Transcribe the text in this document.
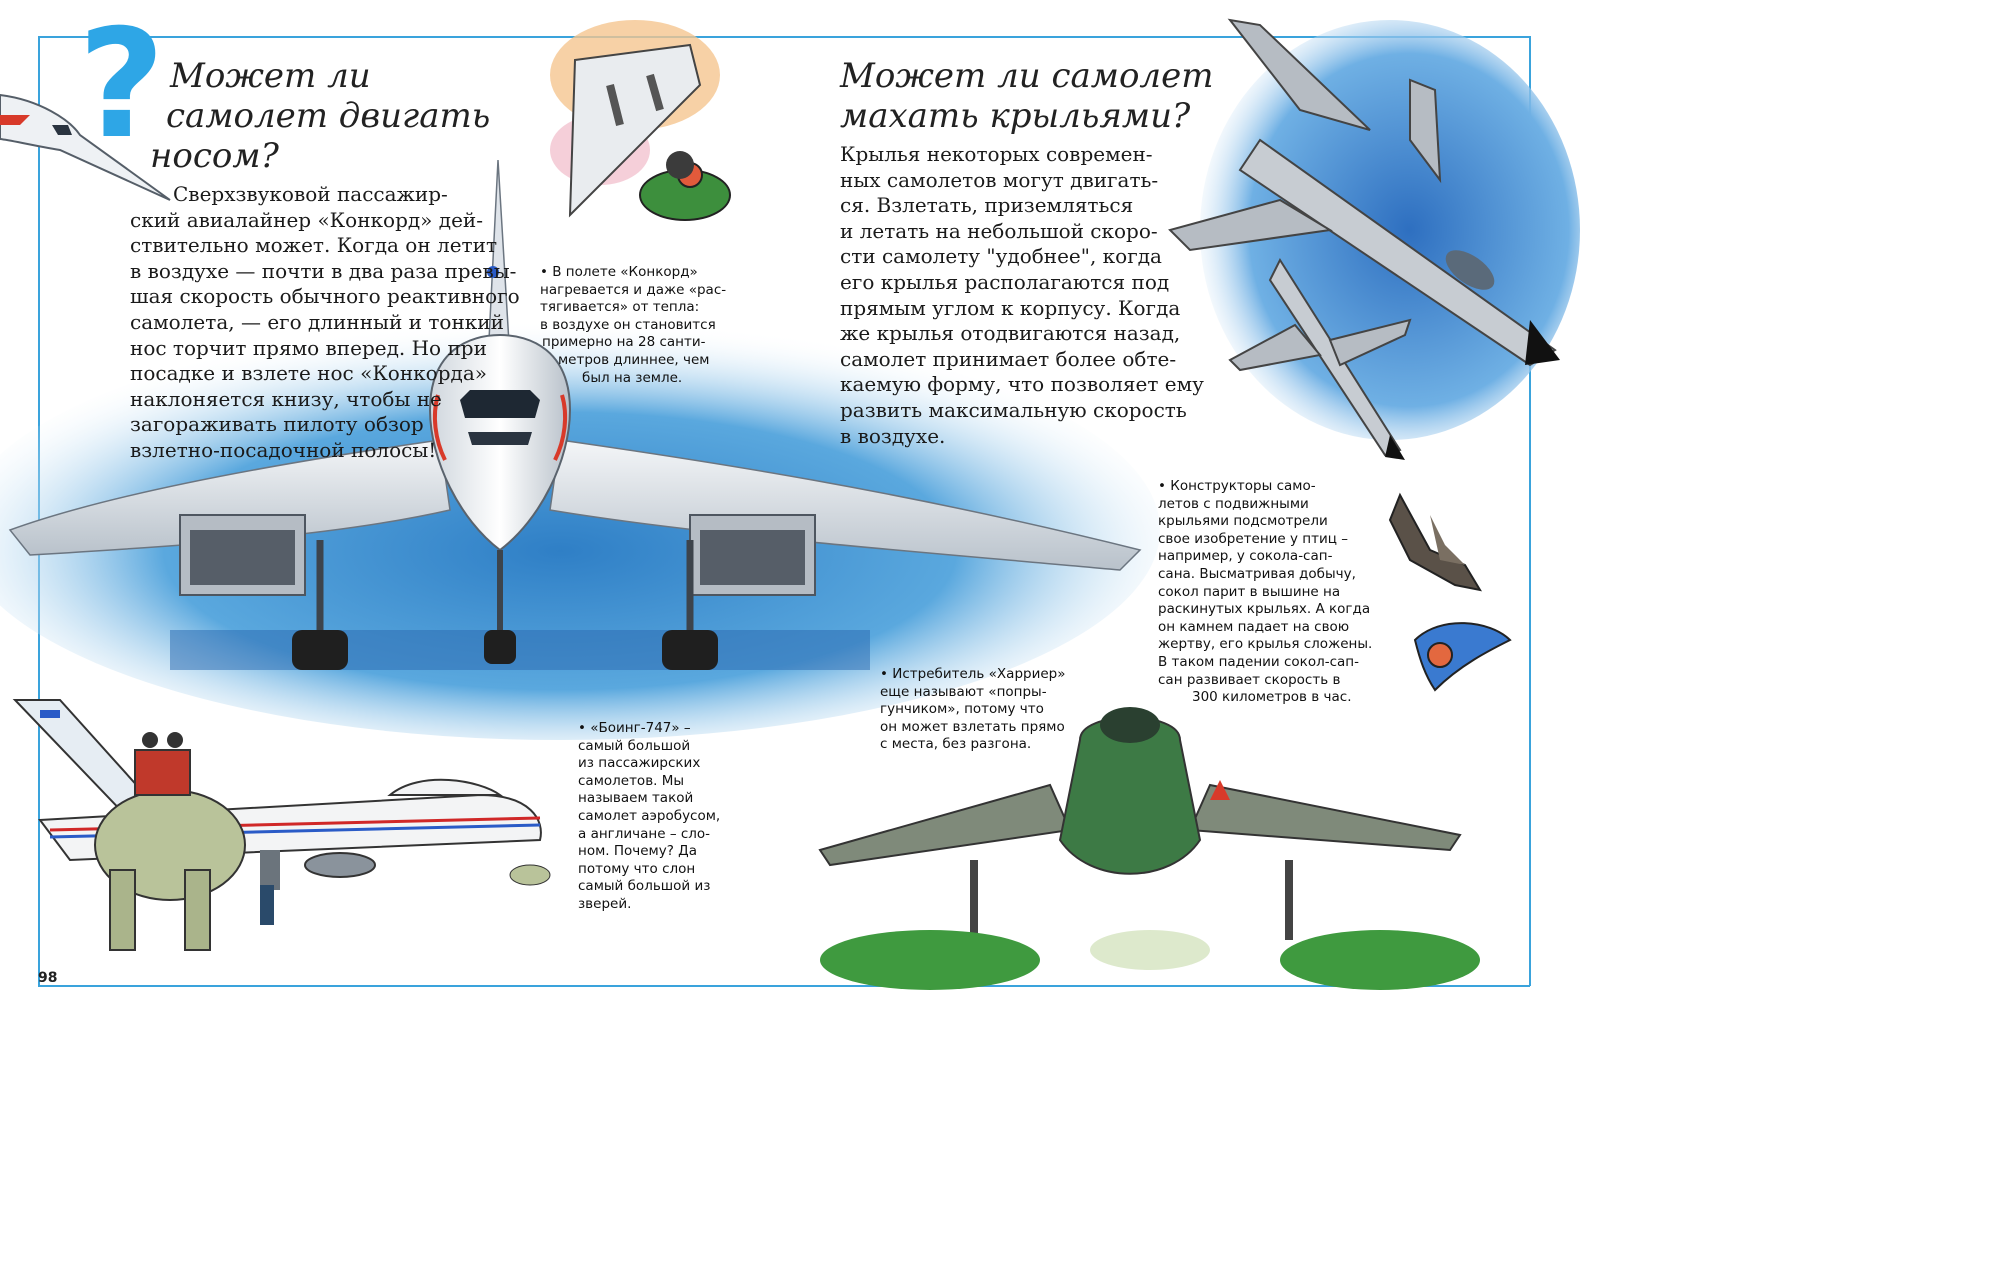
? Может ли
самолет двигать
носом?
Сверхзвуковой пассажир-
ский авиалайнер «Конкорд» дей-
ствительно может. Когда он летит
в воздухе — почти в два раза превы-
шая скорость обычного реактивного
самолета, — его длинный и тонкий
нос торчит прямо вперед. Но при
посадке и взлете нос «Конкорда»
наклоняется книзу, чтобы не
загораживать пилоту обзор
взлетно-посадочной полосы!
Может ли самолет
махать крыльями?
Крылья некоторых современ-
ных самолетов могут двигать-
ся. Взлетать, приземляться
и летать на небольшой скоро-
сти самолету "удобнее", когда
его крылья располагаются под
прямым углом к корпусу. Когда
же крылья отодвигаются назад,
самолет принимает более обте-
каемую форму, что позволяет ему
развить максимальную скорость
в воздухе.
• В полете «Конкорд»
нагревается и даже «рас-
тягивается» от тепла:
в воздухе он становится
примерно на 28 санти-
метров длиннее, чем
был на земле.
• «Боинг-747» –
самый большой
из пассажирских
самолетов. Мы
называем такой
самолет аэробусом,
а англичане – сло-
ном. Почему? Да
потому что слон
самый большой из
зверей.
• Истребитель «Харриер»
еще называют «попры-
гунчиком», потому что
он может взлетать прямо
с места, без разгона.
• Конструкторы само-
летов с подвижными
крыльями подсмотрели
свое изобретение у птиц –
например, у сокола-сап-
сана. Высматривая добычу,
сокол парит в вышине на
раскинутых крыльях. А когда
он камнем падает на свою
жертву, его крылья сложены.
В таком падении сокол-сап-
сан развивает скорость в
300 километров в час.
98
